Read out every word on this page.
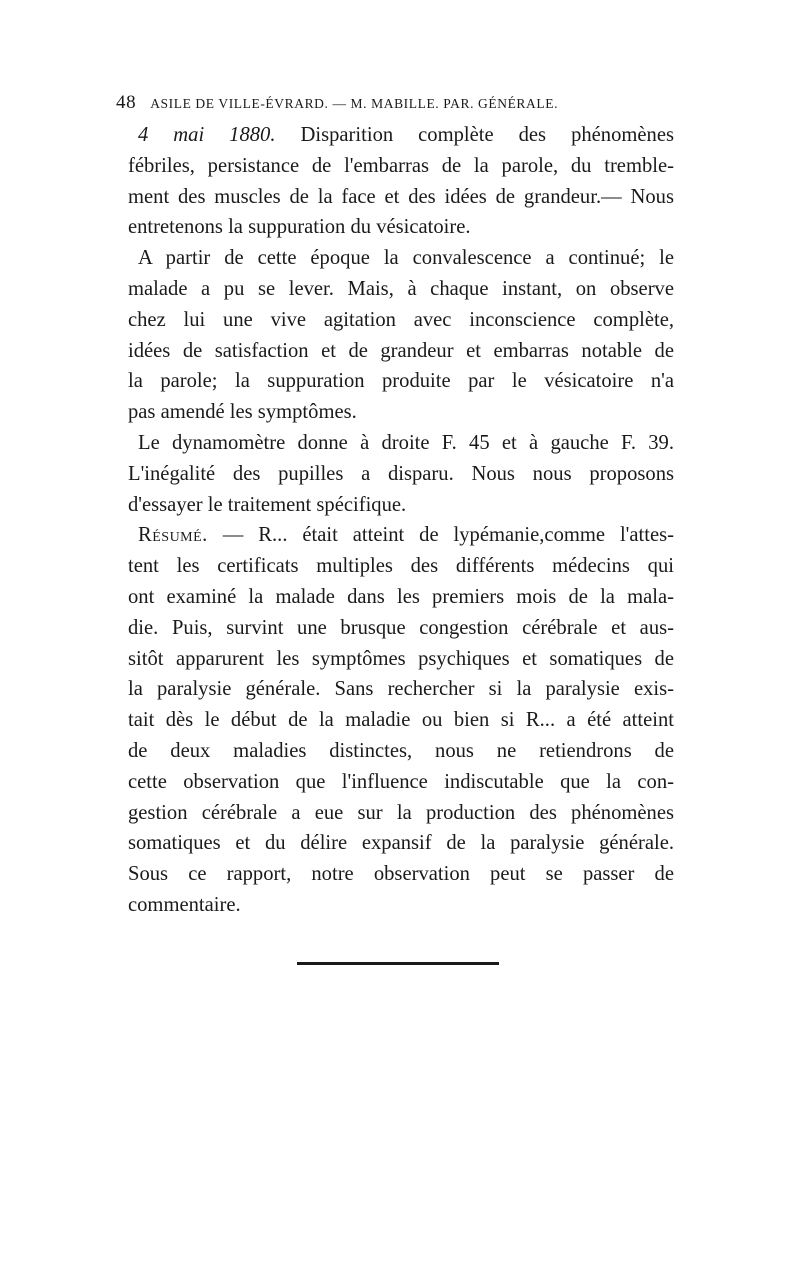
48 ASILE DE VILLE-ÉVRARD. — M. MABILLE. PAR. GÉNÉRALE.

4 mai 1880. Disparition complète des phénomènes
fébriles, persistance de l'embarras de la parole, du tremble-
ment des muscles de la face et des idées de grandeur.— Nous
entretenons la suppuration du vésicatoire.

A partir de cette époque la convalescence a continué; le
malade a pu se lever. Mais, à chaque instant, on observe
chez lui une vive agitation avec inconscience complète,
idées de satisfaction et de grandeur et embarras notable de
la parole; la suppuration produite par le vésicatoire n'a
pas amendé les symptômes.

Le dynamomètre donne à droite F. 45 et à gauche F. 39.
L'inégalité des pupilles a disparu. Nous nous proposons
d'essayer le traitement spécifique.

Résumé. — R... était atteint de lypémanie,comme l'attes-
tent les certificats multiples des différents médecins qui
ont examiné la malade dans les premiers mois de la mala-
die. Puis, survint une brusque congestion cérébrale et aus-
sitôt apparurent les symptômes psychiques et somatiques de
la paralysie générale. Sans rechercher si la paralysie exis-
tait dès le début de la maladie ou bien si R... a été atteint
de deux maladies distinctes, nous ne retiendrons de
cette observation que l'influence indiscutable que la con-
gestion cérébrale a eue sur la production des phénomènes
somatiques et du délire expansif de la paralysie générale.
Sous ce rapport, notre observation peut se passer de
commentaire.
